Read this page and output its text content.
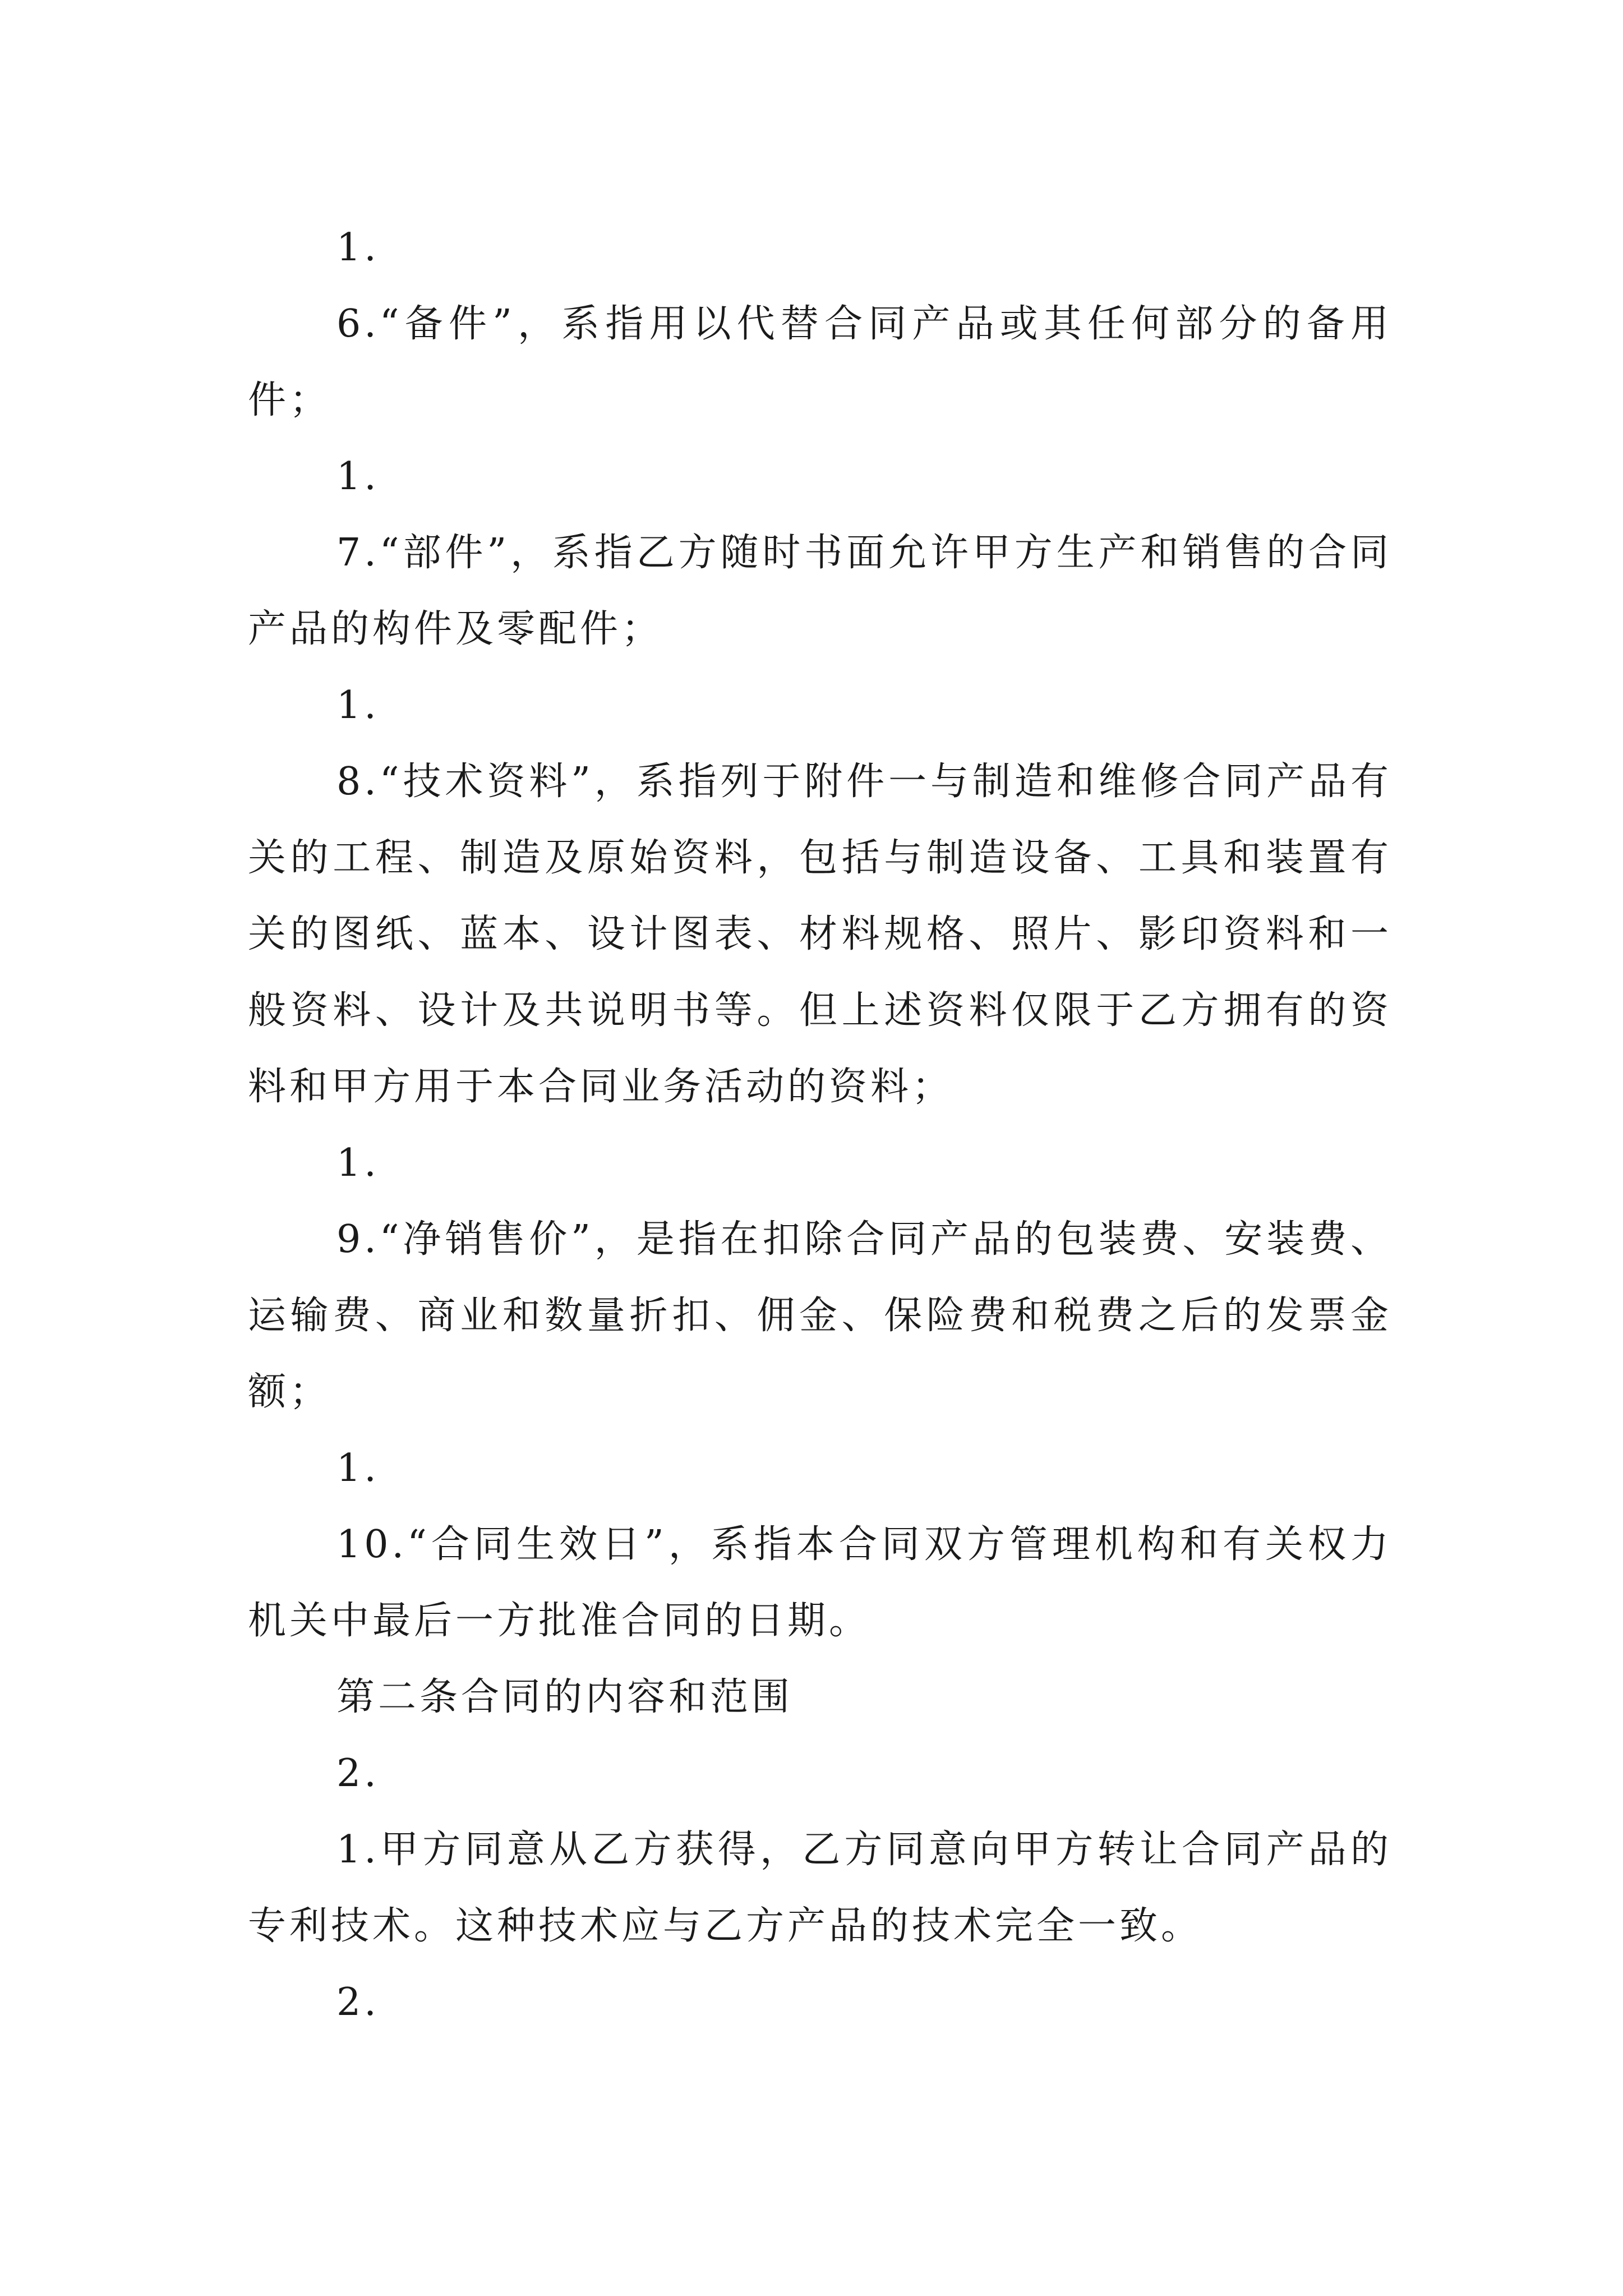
1.

6.“备件”，系指用以代替合同产品或其任何部分的备用件；

1.

7.“部件”，系指乙方随时书面允许甲方生产和销售的合同产品的构件及零配件；

1.

8.“技术资料”，系指列于附件一与制造和维修合同产品有关的工程、制造及原始资料，包括与制造设备、工具和装置有关的图纸、蓝本、设计图表、材料规格、照片、影印资料和一般资料、设计及共说明书等。但上述资料仅限于乙方拥有的资料和甲方用于本合同业务活动的资料；

1.

9.“净销售价”，是指在扣除合同产品的包装费、安装费、运输费、商业和数量折扣、佣金、保险费和税费之后的发票金额；

1.

10.“合同生效日”，系指本合同双方管理机构和有关权力机关中最后一方批准合同的日期。

第二条合同的内容和范围

2.

1.甲方同意从乙方获得，乙方同意向甲方转让合同产品的专利技术。这种技术应与乙方产品的技术完全一致。

2.
